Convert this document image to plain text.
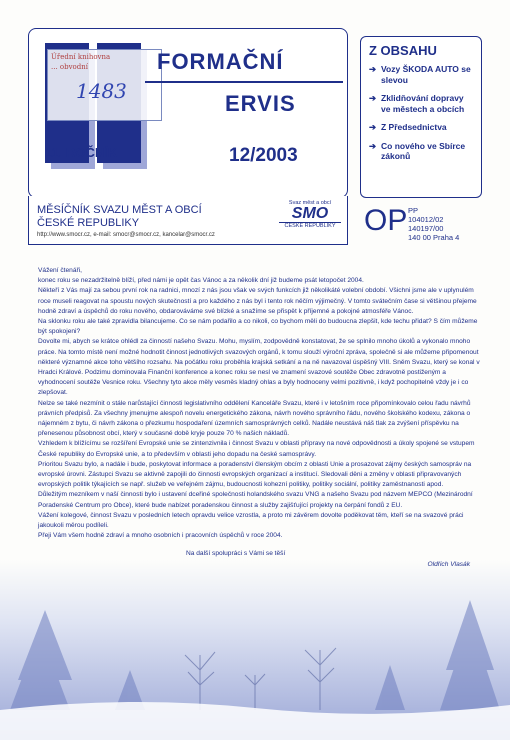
Úřední knihovna
... obvodní
1483
FORMAČNÍ
ERVIS
11. ROČNÍK	12/2003
Z OBSAHU
➔ Vozy ŠKODA AUTO se slevou
➔ Zklidňování dopravy ve městech a obcích
➔ Z Předsednictva
➔ Co nového ve Sbírce zákonů
MĚSÍČNÍK SVAZU MĚST A OBCÍ
ČESKÉ REPUBLIKY
http://www.smocr.cz, e-mail: smocr@smocr.cz, kancelar@smocr.cz
Svaz měst a obcí
SMO
ČESKÉ REPUBLIKY OP PP
104012/02
140197/00
140 00 Praha 4

Vážení čtenáři,

konec roku se nezadržitelně blíží, před námi je opět čas Vánoc a za několik dní již budeme psát letopočet 2004.

Někteří z Vás mají za sebou první rok na radnici, mnozí z nás jsou však ve svých funkcích již několikáté volební období. Všichni jsme ale v uplynulém roce museli reagovat na spoustu nových skutečností a pro každého z nás byl i tento rok něčím výjimečný. V tomto svátečním čase si většinou přejeme hodně zdraví a úspěchů do roku nového, obdarováváme své blízké a snažíme se přispět k příjemné a pokojné atmosféře Vánoc.

Na sklonku roku ale také zpravidla bilancujeme. Co se nám podařilo a co nikoli, co bychom měli do budoucna zlepšit, kde techu přidat? S čím můžeme být spokojeni?

Dovolte mi, abych se krátce ohlédl za činností našeho Svazu. Mohu, myslím, zodpovědně konstatovat, že se splnilo mnoho úkolů a vykonalo mnoho práce. Na tomto místě není možné hodnotit činnost jednotlivých svazových orgánů, k tomu slouží výroční zpráva, společně si ale můžeme připomenout některé významné akce toho většího rozsahu. Na počátku roku proběhla krajská setkání a na ně navazoval úspěšný VIII. Sněm Svazu, který se konal v Hradci Králové. Podzimu dominovala Finanční konference a konec roku se nesl ve znamení svazové soutěže Obec zdravotně postiženým a vyhodnocení soutěže Vesnice roku. Všechny tyto akce měly vesměs kladný ohlas a byly hodnoceny velmi pozitivně, i když pochopitelně vždy je i co zlepšovat.

Nelze se také nezmínit o stále narůstající činnosti legislativního oddělení Kanceláře Svazu, které i v letošním roce připomínkovalo celou řadu návrhů právních předpisů. Za všechny jmenujme alespoň novelu energetického zákona, návrh nového správního řádu, nového školského kodexu, zákona o nájemném z bytu, či návrh zákona o přezkumu hospodaření územních samosprávných celků. Nadále neustává náš tlak za zvýšení příspěvku na přenesenou působnost obcí, který v současné době kryje pouze 70 % našich nákladů.

Vzhledem k blížícímu se rozšíření Evropské unie se zintenzivnila i činnost Svazu v oblasti přípravy na nové odpovědnosti a úkoly spojené se vstupem České republiky do Evropské unie, a to především v oblasti jeho dopadu na české samosprávy.

Prioritou Svazu bylo, a nadále i bude, poskytovat informace a poradenství členským obcím z oblasti Unie a prosazovat zájmy českých samospráv na evropské úrovni. Zástupci Svazu se aktivně zapojili do činnosti evropských organizací a institucí. Sledovali děni a změny v oblasti připravovaných evropských politik týkajících se např. služeb ve veřejném zájmu, budoucnosti kohezní politiky, politiky sociální, politiky zaměstnanosti apod.

Důležitým mezníkem v naší činnosti bylo i ustavení dceřiné společnosti holandského svazu VNG a našeho Svazu pod názvem MEPCO (Mezinárodní Poradenské Centrum pro Obce), které bude nabízet poradenskou činnost a služby zajišťující projekty na čerpání fondů z EU.

Vážení kolegové, činnost Svazu v posledních letech opravdu velice vzrostla, a proto mi závěrem dovolte poděkovat těm, kteří se na svazové práci jakoukoli měrou podíleli.

Přeji Vám všem hodně zdraví a mnoho osobních i pracovních úspěchů v roce 2004.

Na další spolupráci s Vámi se těší

Oldřich Vlasák
